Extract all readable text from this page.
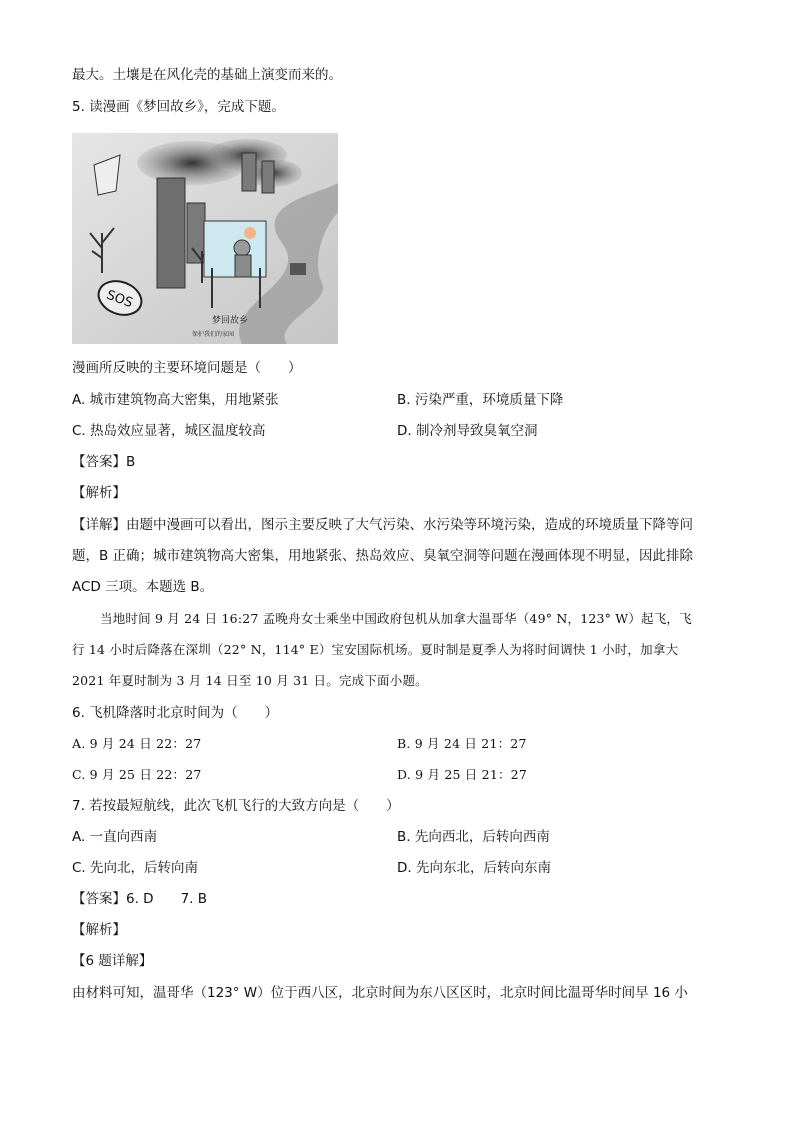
最大。土壤是在风化壳的基础上演变而来的。
5. 读漫画《梦回故乡》，完成下题。
SOS
梦回故乡
保护我们的家园
漫画所反映的主要环境问题是（　　）
A. 城市建筑物高大密集，用地紧张	B. 污染严重，环境质量下降
C. 热岛效应显著，城区温度较高	D. 制冷剂导致臭氧空洞
【答案】B
【解析】
【详解】由题中漫画可以看出，图示主要反映了大气污染、水污染等环境污染，造成的环境质量下降等问
题，B 正确；城市建筑物高大密集，用地紧张、热岛效应、臭氧空洞等问题在漫画体现不明显，因此排除
ACD 三项。本题选 B。
当地时间 9 月 24 日 16:27 孟晚舟女士乘坐中国政府包机从加拿大温哥华（49° N，123° W）起飞，飞
行 14 小时后降落在深圳（22° N，114° E）宝安国际机场。夏时制是夏季人为将时间调快 1 小时，加拿大
2021 年夏时制为 3 月 14 日至 10 月 31 日。完成下面小题。
6. 飞机降落时北京时间为（　　）
A. 9 月 24 日 22：27	B. 9 月 24 日 21：27
C. 9 月 25 日 22：27	D. 9 月 25 日 21：27
7. 若按最短航线，此次飞机飞行的大致方向是（　　）
A. 一直向西南	B. 先向西北，后转向西南
C. 先向北，后转向南	D. 先向东北，后转向东南
【答案】6. D　　7. B
【解析】
【6 题详解】
由材料可知，温哥华（123° W）位于西八区，北京时间为东八区区时，北京时间比温哥华时间早 16 小
